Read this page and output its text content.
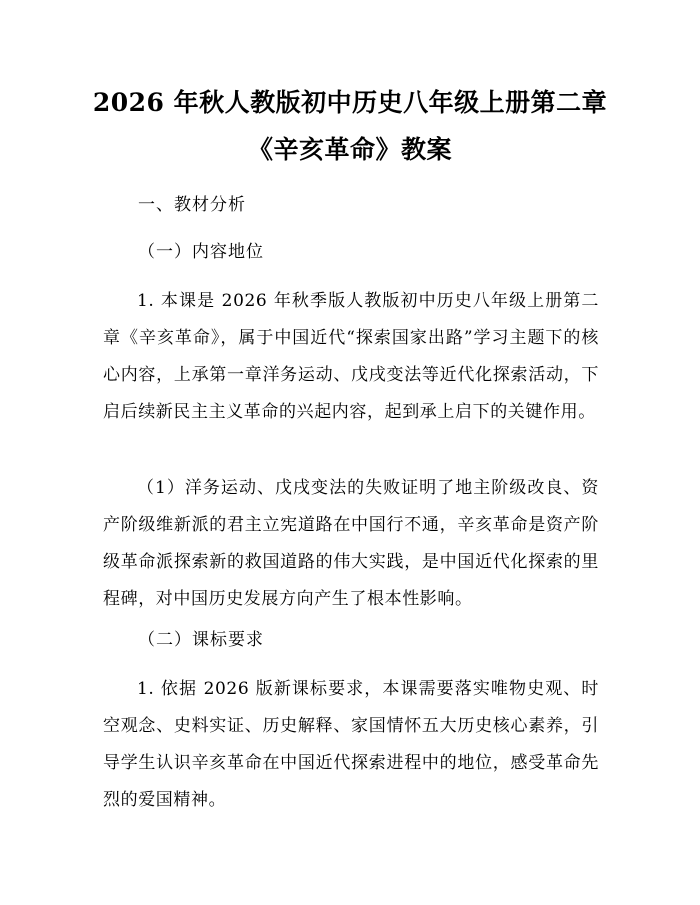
2026 年秋人教版初中历史八年级上册第二章
《辛亥革命》教案
一、教材分析
（一）内容地位
1. 本课是 2026 年秋季版人教版初中历史八年级上册第二章《辛亥革命》，属于中国近代“探索国家出路”学习主题下的核心内容，上承第一章洋务运动、戊戌变法等近代化探索活动，下启后续新民主主义革命的兴起内容，起到承上启下的关键作用。
（1）洋务运动、戊戌变法的失败证明了地主阶级改良、资产阶级维新派的君主立宪道路在中国行不通，辛亥革命是资产阶级革命派探索新的救国道路的伟大实践，是中国近代化探索的里程碑，对中国历史发展方向产生了根本性影响。
（二）课标要求
1. 依据 2026 版新课标要求，本课需要落实唯物史观、时空观念、史料实证、历史解释、家国情怀五大历史核心素养，引导学生认识辛亥革命在中国近代探索进程中的地位，感受革命先烈的爱国精神。
